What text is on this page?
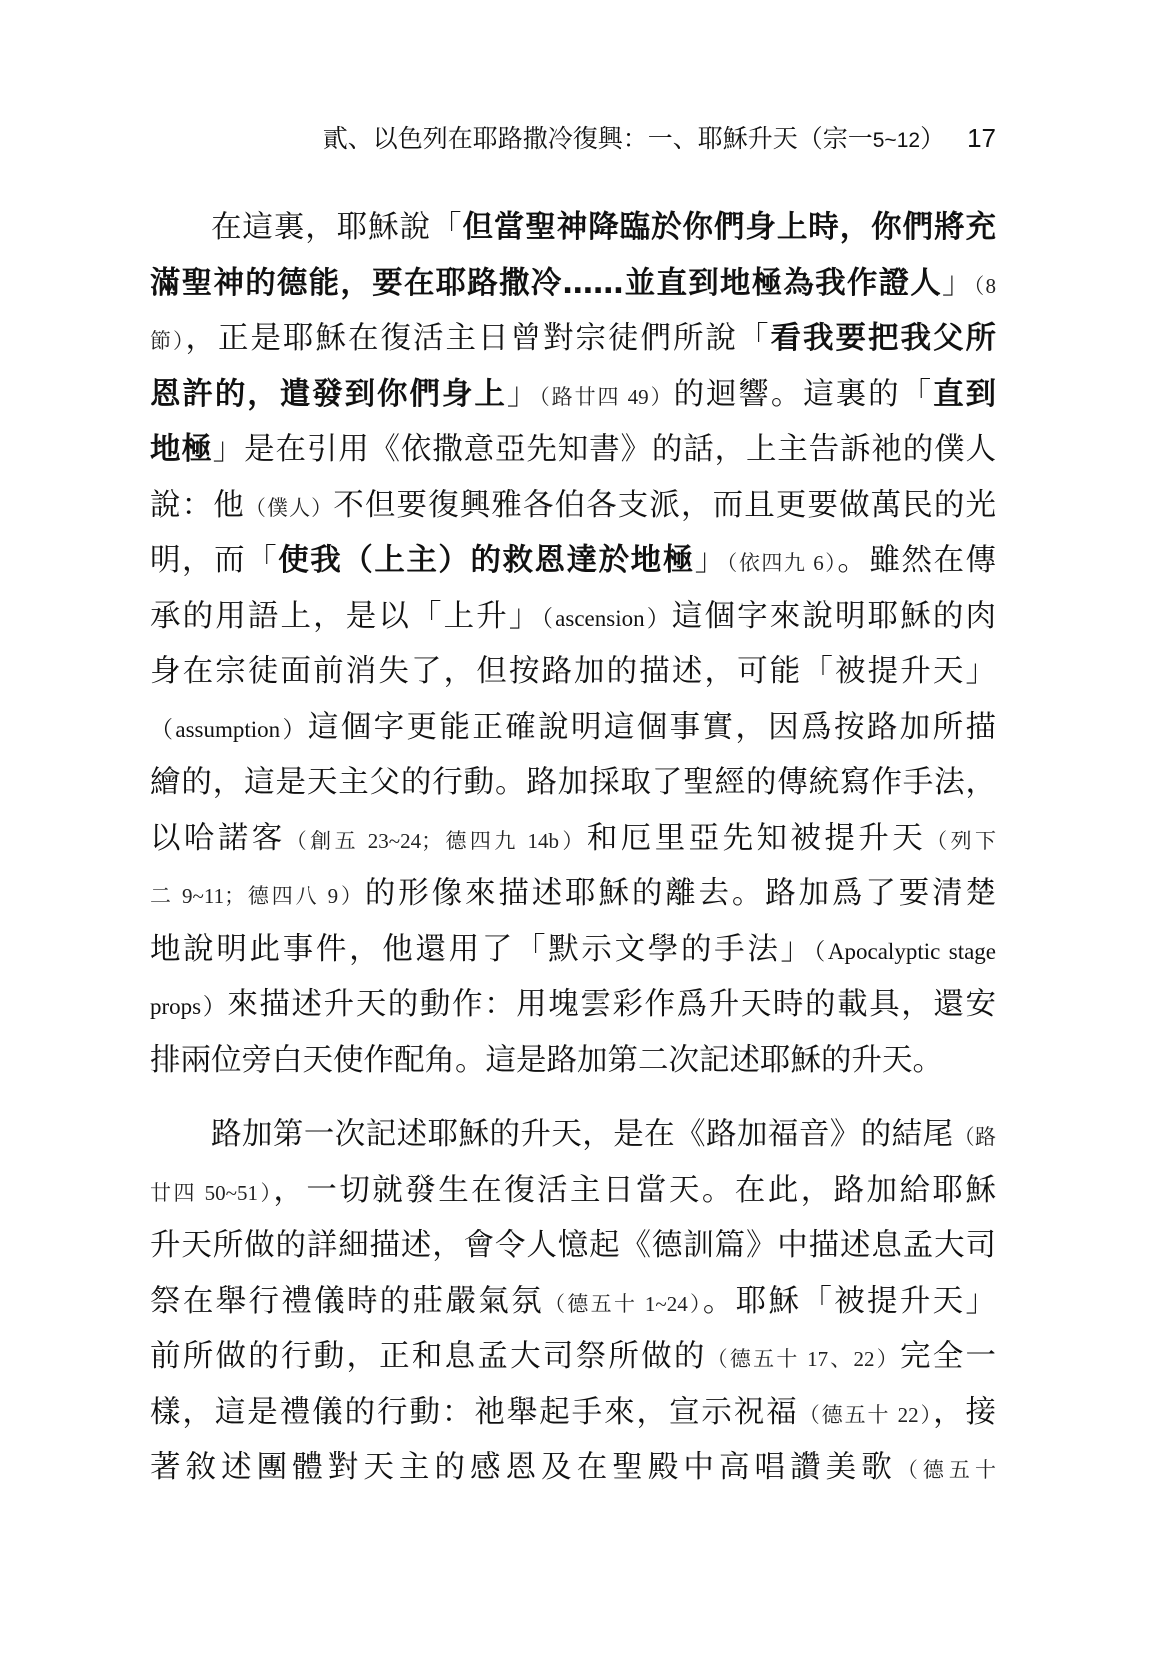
貳、以色列在耶路撒冷復興：一、耶穌升天（宗一5~12） 17
在這裏，耶穌說「但當聖神降臨於你們身上時，你們將充
滿聖神的德能，要在耶路撒冷……並直到地極為我作證人」（8
節），正是耶穌在復活主日曾對宗徒們所說「看我要把我父所
恩許的，遣發到你們身上」（路廿四 49）的迴響。這裏的「直到
地極」是在引用《依撒意亞先知書》的話，上主告訴祂的僕人
說：他（僕人）不但要復興雅各伯各支派，而且更要做萬民的光
明，而「使我（上主）的救恩達於地極」（依四九 6）。雖然在傳
承的用語上，是以「上升」（ascension）這個字來說明耶穌的肉
身在宗徒面前消失了，但按路加的描述，可能「被提升天」
（assumption）這個字更能正確說明這個事實，因爲按路加所描
繪的，這是天主父的行動。路加採取了聖經的傳統寫作手法，
以哈諾客（創五 23~24；德四九 14b）和厄里亞先知被提升天（列下
二 9~11；德四八 9）的形像來描述耶穌的離去。路加爲了要清楚
地說明此事件，他還用了「默示文學的手法」（Apocalyptic stage
props）來描述升天的動作：用塊雲彩作爲升天時的載具，還安
排兩位旁白天使作配角。這是路加第二次記述耶穌的升天。
路加第一次記述耶穌的升天，是在《路加福音》的結尾（路
廿四 50~51），一切就發生在復活主日當天。在此，路加給耶穌
升天所做的詳細描述，會令人憶起《德訓篇》中描述息孟大司
祭在舉行禮儀時的莊嚴氣氛（德五十 1~24）。耶穌「被提升天」
前所做的行動，正和息孟大司祭所做的（德五十 17、22）完全一
樣，這是禮儀的行動：祂舉起手來，宣示祝福（德五十 22），接
著敘述團體對天主的感恩及在聖殿中高唱讚美歌（德五十
